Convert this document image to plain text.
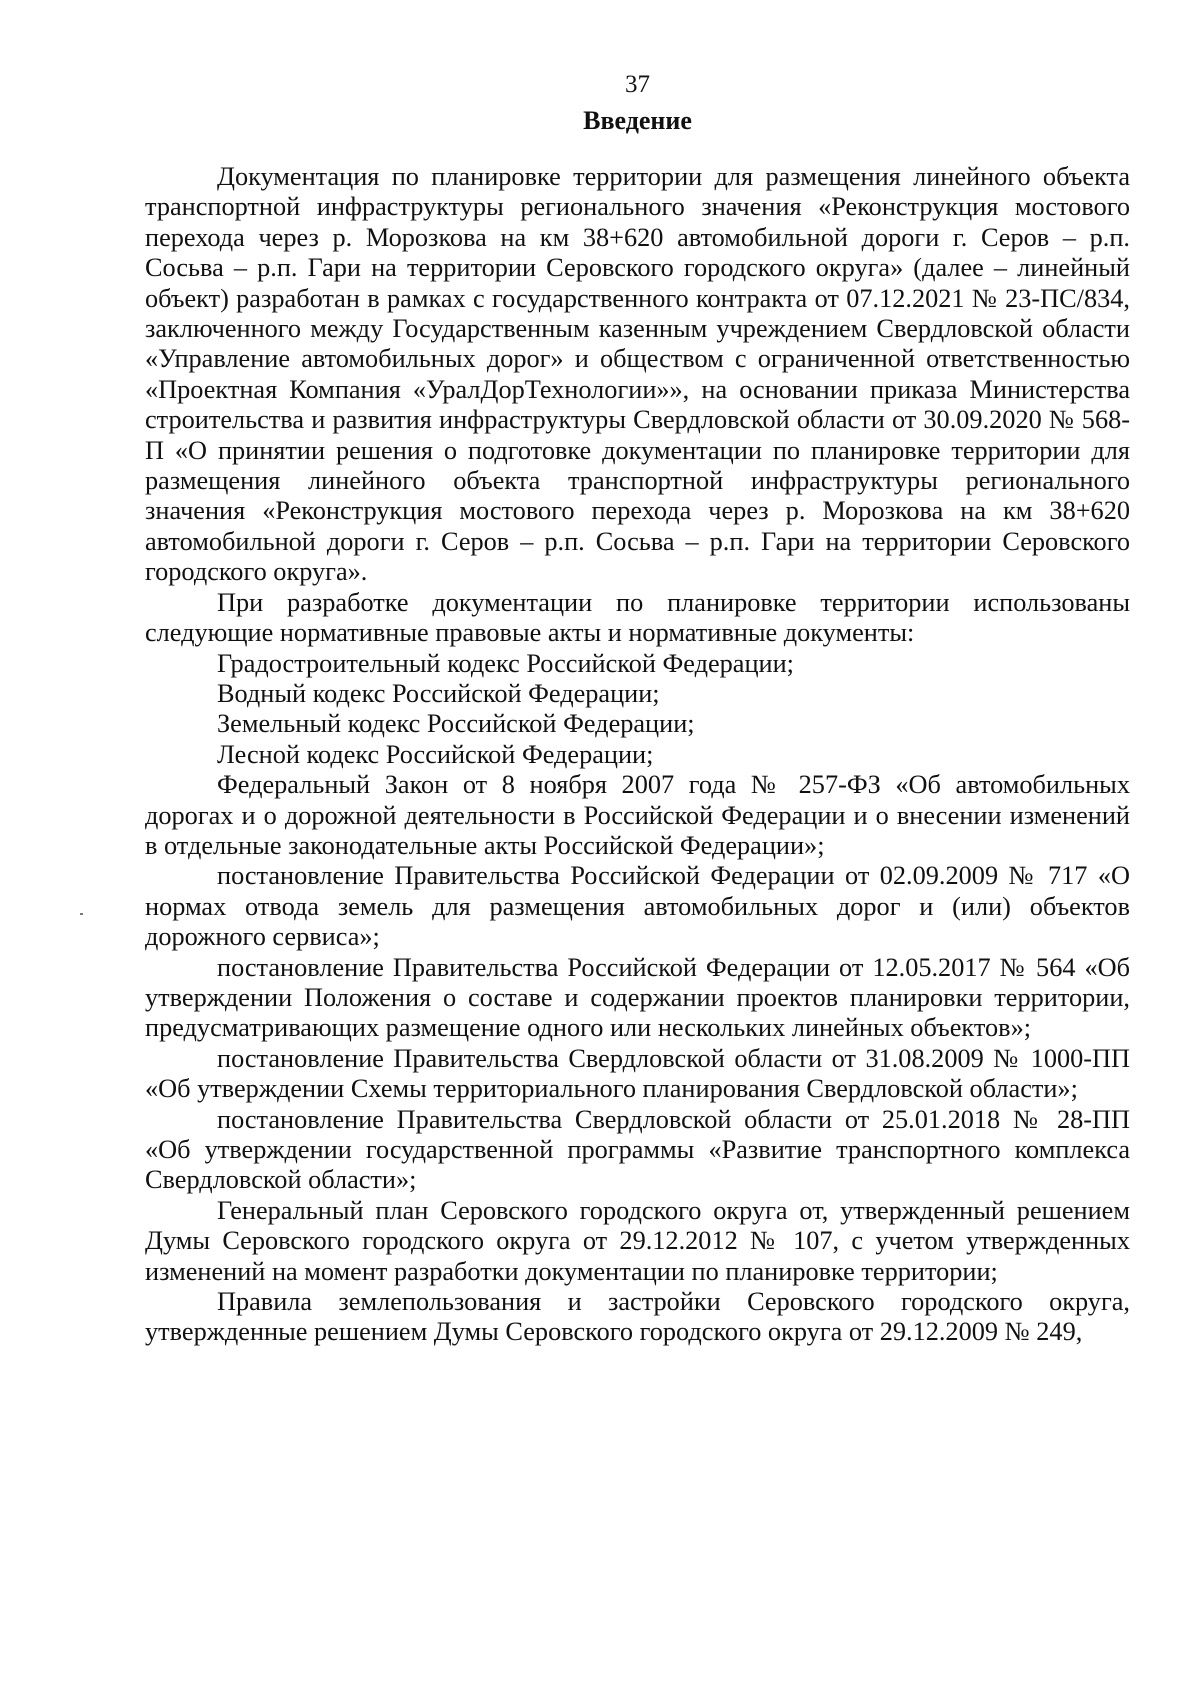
37

Введение

Документация по планировке территории для размещения линейного объекта транспортной инфраструктуры регионального значения «Реконструкция мостового перехода через р. Морозкова на км 38+620 автомобильной дороги г. Серов – р.п. Сосьва – р.п. Гари на территории Серовского городского округа» (далее – линейный объект) разработан в рамках с государственного контракта от 07.12.2021 № 23-ПС/834, заключенного между Государственным казенным учреждением Свердловской области «Управление автомобильных дорог» и обществом с ограниченной ответственностью «Проектная Компания «УралДорТехнологии»», на основании приказа Министерства строительства и развития инфраструктуры Свердловской области от 30.09.2020 № 568-П «О принятии решения о подготовке документации по планировке территории для размещения линейного объекта транспортной инфраструктуры регионального значения «Реконструкция мостового перехода через р. Морозкова на км 38+620 автомобильной дороги г. Серов – р.п. Сосьва – р.п. Гари на территории Серовского городского округа».

При разработке документации по планировке территории использованы следующие нормативные правовые акты и нормативные документы:

Градостроительный кодекс Российской Федерации;

Водный кодекс Российской Федерации;

Земельный кодекс Российской Федерации;

Лесной кодекс Российской Федерации;

Федеральный Закон от 8 ноября 2007 года № 257-ФЗ «Об автомобильных дорогах и о дорожной деятельности в Российской Федерации и о внесении изменений в отдельные законодательные акты Российской Федерации»;

постановление Правительства Российской Федерации от 02.09.2009 № 717 «О нормах отвода земель для размещения автомобильных дорог и (или) объектов дорожного сервиса»;

постановление Правительства Российской Федерации от 12.05.2017 № 564 «Об утверждении Положения о составе и содержании проектов планировки территории, предусматривающих размещение одного или нескольких линейных объектов»;

постановление Правительства Свердловской области от 31.08.2009 № 1000-ПП «Об утверждении Схемы территориального планирования Свердловской области»;

постановление Правительства Свердловской области от 25.01.2018 № 28-ПП «Об утверждении государственной программы «Развитие транспортного комплекса Свердловской области»;

Генеральный план Серовского городского округа от, утвержденный решением Думы Серовского городского округа от 29.12.2012 № 107, с учетом утвержденных изменений на момент разработки документации по планировке территории;

Правила землепользования и застройки Серовского городского округа, утвержденные решением Думы Серовского городского округа от 29.12.2009 № 249,
